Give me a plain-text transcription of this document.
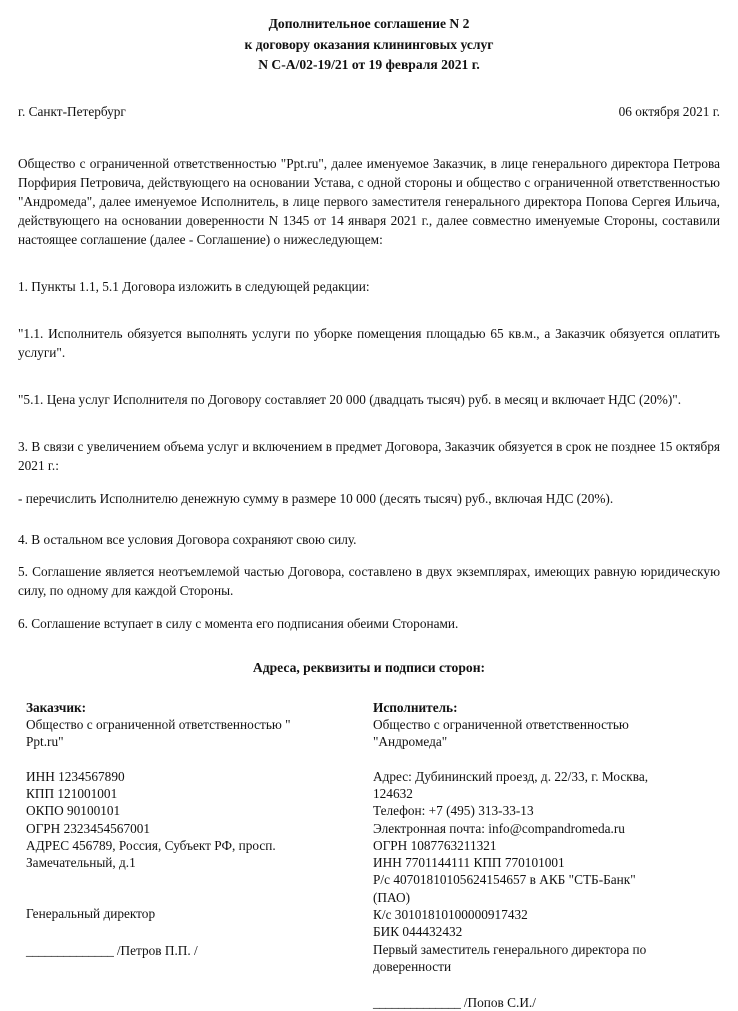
Дополнительное соглашение N 2
к договору оказания клининговых услуг
N С-А/02-19/21 от 19 февраля 2021 г.
г. Санкт-Петербург	06 октября 2021 г.

Общество с ограниченной ответственностью "Ppt.ru", далее именуемое Заказчик, в лице генерального директора Петрова Порфирия Петровича, действующего на основании Устава, с одной стороны и общество с ограниченной ответственностью "Андромеда", далее именуемое Исполнитель, в лице первого заместителя генерального директора Попова Сергея Ильича, действующего на основании доверенности N 1345 от 14 января 2021 г., далее совместно именуемые Стороны, составили настоящее соглашение (далее - Соглашение) о нижеследующем:

1. Пункты 1.1, 5.1 Договора изложить в следующей редакции:

"1.1. Исполнитель обязуется выполнять услуги по уборке помещения площадью 65 кв.м., а Заказчик обязуется оплатить услуги".

"5.1. Цена услуг Исполнителя по Договору составляет 20 000 (двадцать тысяч) руб. в месяц и включает НДС (20%)".

3. В связи с увеличением объема услуг и включением в предмет Договора, Заказчик обязуется в срок не позднее 15 октября 2021 г.:

- перечислить Исполнителю денежную сумму в размере 10 000 (десять тысяч) руб., включая НДС (20%).

4. В остальном все условия Договора сохраняют свою силу.

5. Соглашение является неотъемлемой частью Договора, составлено в двух экземплярах, имеющих равную юридическую силу, по одному для каждой Стороны.

6. Соглашение вступает в силу с момента его подписания обеими Сторонами.

Адреса, реквизиты и подписи сторон:
Заказчик:
Общество с ограниченной ответственностью "
Ppt.ru"
ИНН 1234567890
КПП 121001001
ОКПО 90100101
ОГРН 2323454567001
АДРЕС 456789, Россия, Субъект РФ, просп.
Замечательный, д.1
Генеральный директор
______________ /Петров П.П. /
Исполнитель:
Общество с ограниченной ответственностью
"Андромеда"
Адрес: Дубининский проезд, д. 22/33, г. Москва,
124632
Телефон: +7 (495) 313-33-13
Электронная почта: info@compandromeda.ru
ОГРН 1087763211321
ИНН 7701144111 КПП 770101001
Р/с 40701810105624154657 в АКБ "СТБ-Банк"
(ПАО)
К/с 30101810100000917432
БИК 044432432
Первый заместитель генерального директора по
доверенности
______________ /Попов С.И./
